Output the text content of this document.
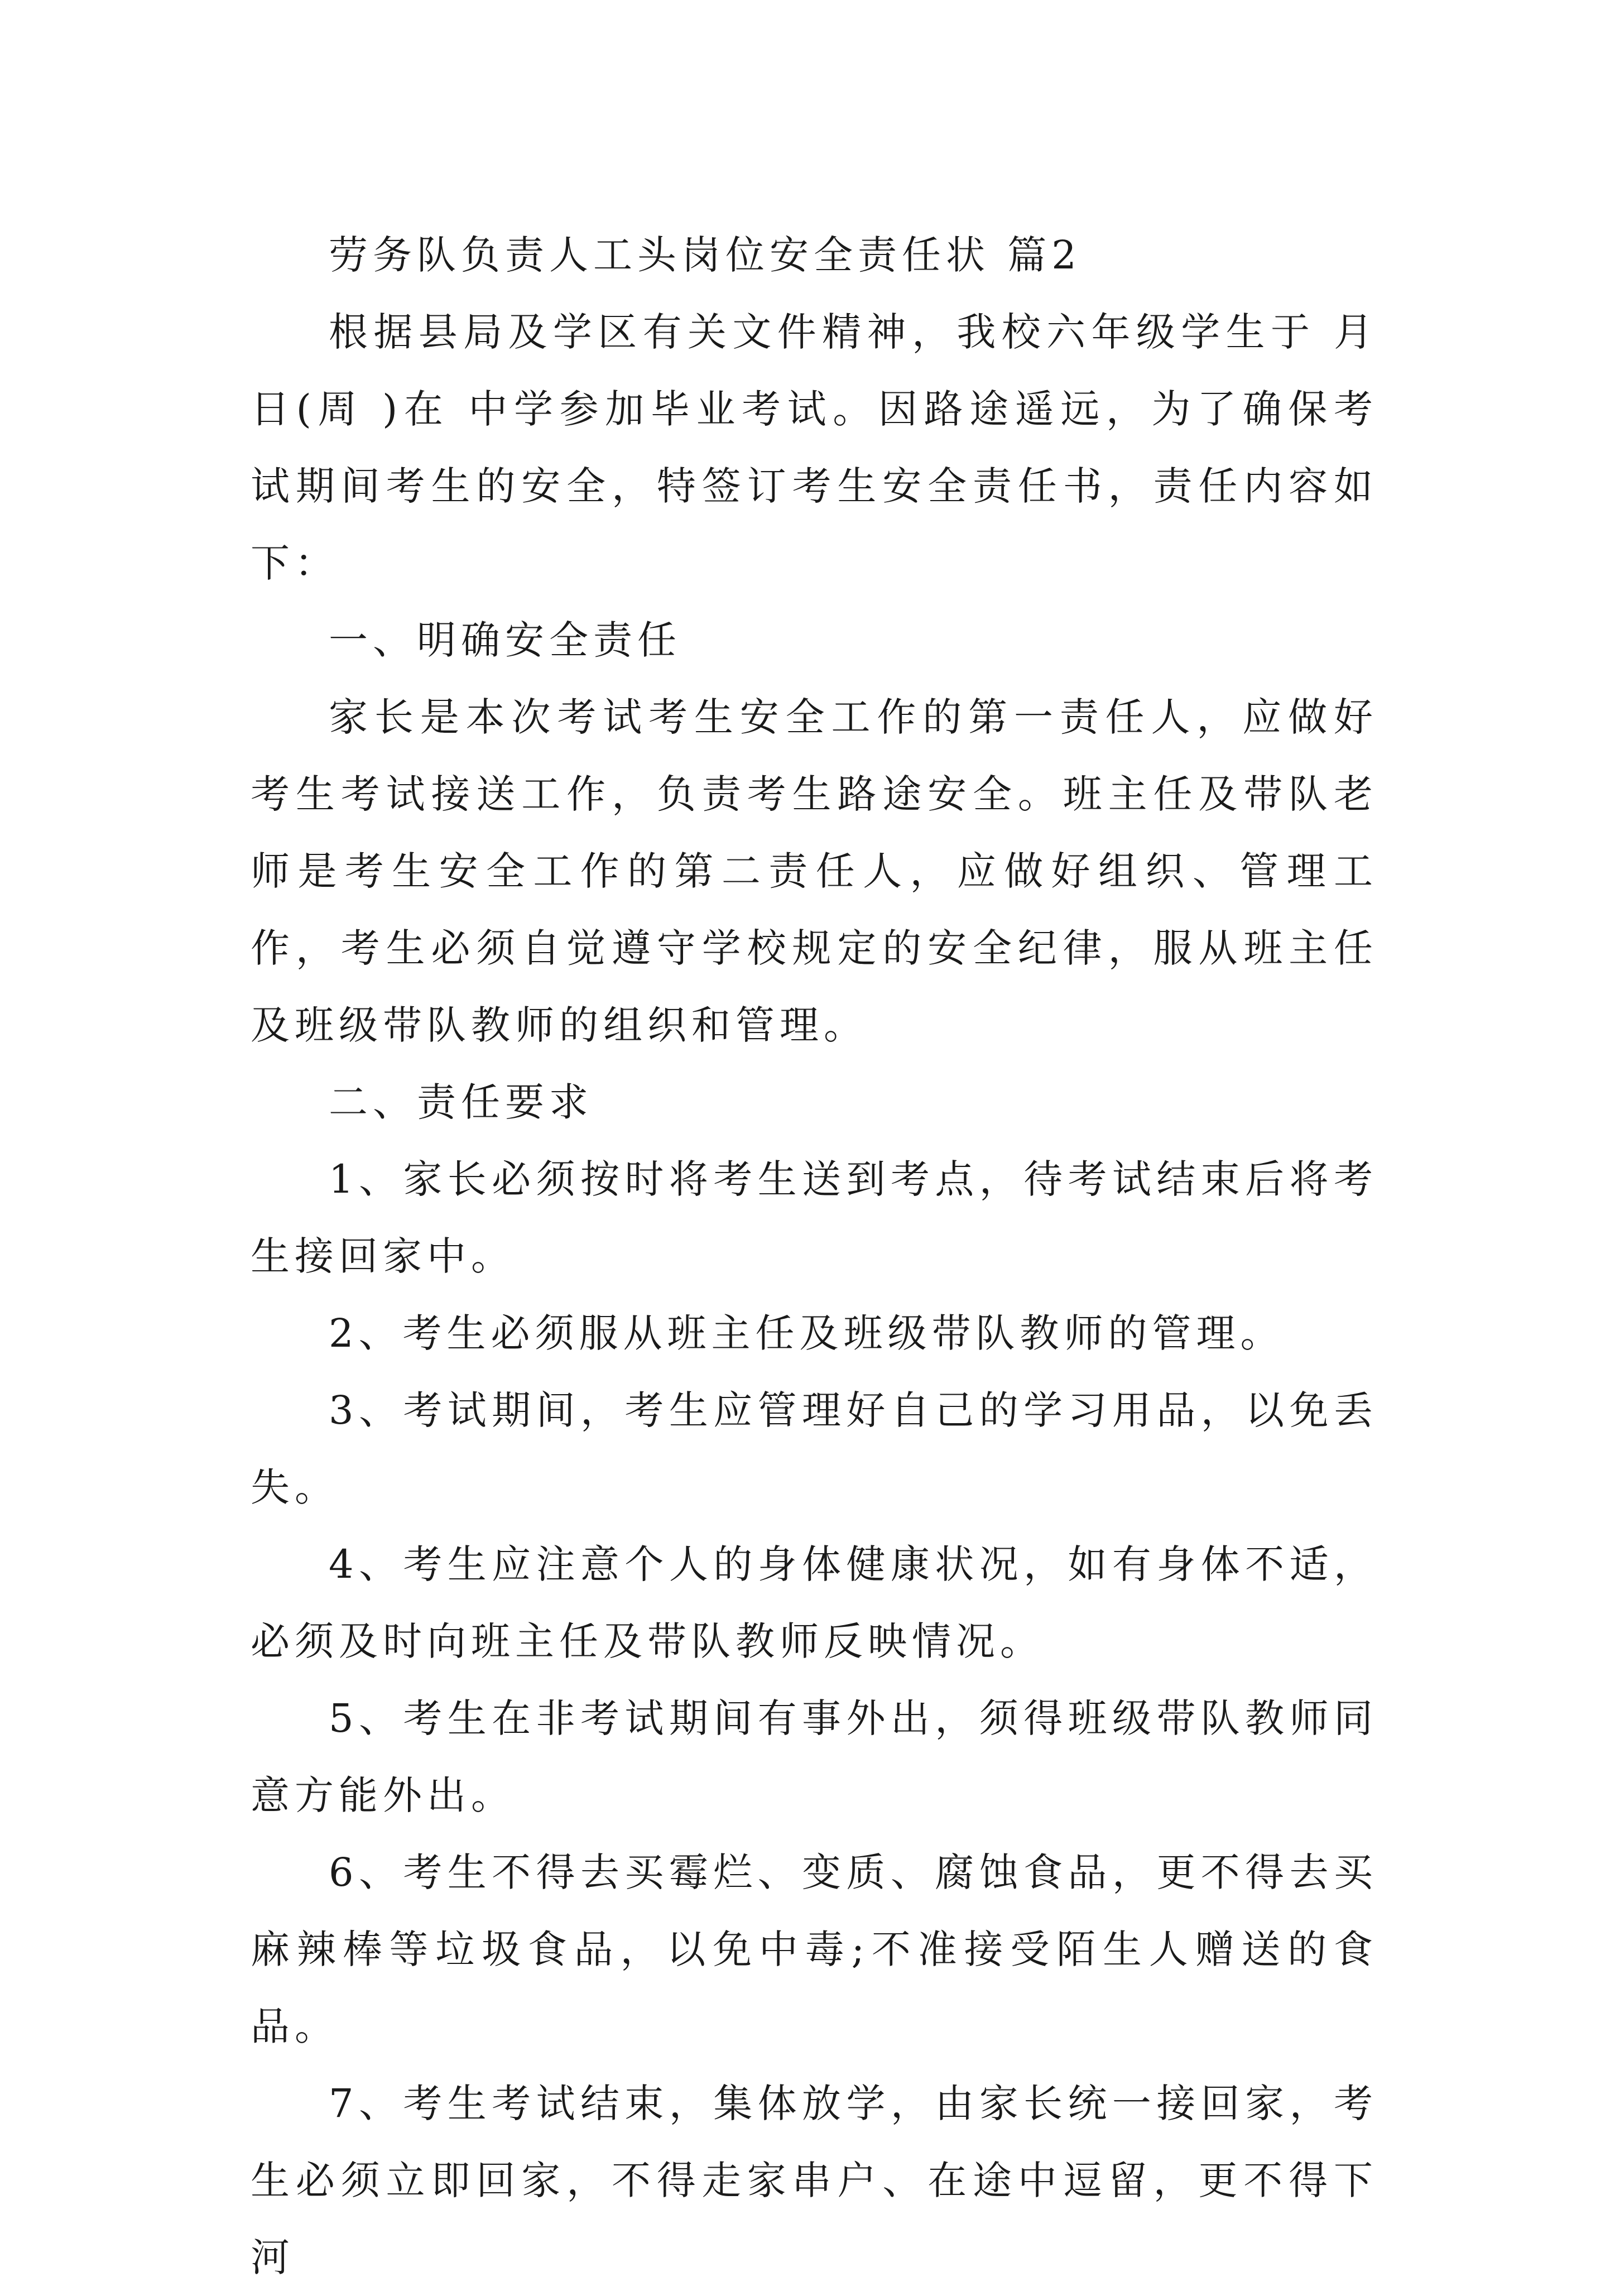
劳务队负责人工头岗位安全责任状 篇2

根据县局及学区有关文件精神，我校六年级学生于 月日(周 )在 中学参加毕业考试。因路途遥远，为了确保考试期间考生的安全，特签订考生安全责任书，责任内容如下：

一、明确安全责任

家长是本次考试考生安全工作的第一责任人，应做好考生考试接送工作，负责考生路途安全。班主任及带队老师是考生安全工作的第二责任人，应做好组织、管理工作，考生必须自觉遵守学校规定的安全纪律，服从班主任及班级带队教师的组织和管理。

二、责任要求

1、家长必须按时将考生送到考点，待考试结束后将考生接回家中。

2、考生必须服从班主任及班级带队教师的管理。

3、考试期间，考生应管理好自己的学习用品，以免丢失。

4、考生应注意个人的身体健康状况，如有身体不适，必须及时向班主任及带队教师反映情况。

5、考生在非考试期间有事外出，须得班级带队教师同意方能外出。

6、考生不得去买霉烂、变质、腐蚀食品，更不得去买麻辣棒等垃圾食品，以免中毒;不准接受陌生人赠送的食品。

7、考生考试结束，集体放学，由家长统一接回家，考生必须立即回家，不得走家串户、在途中逗留，更不得下河
